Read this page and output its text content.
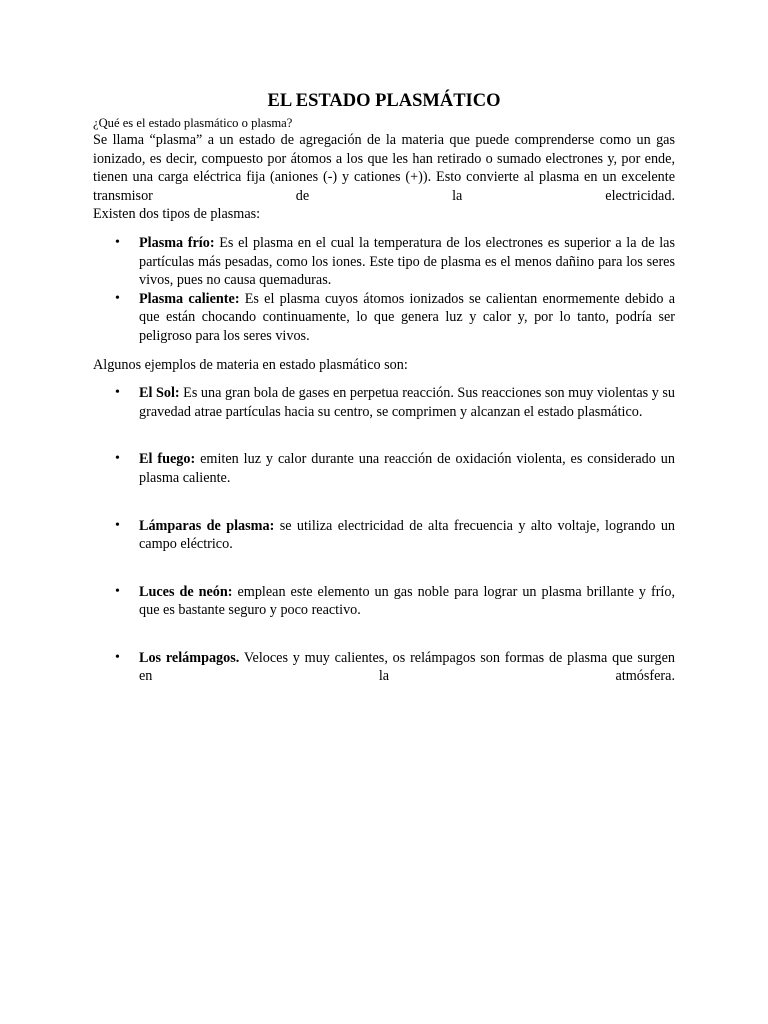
EL ESTADO PLASMÁTICO

¿Qué es el estado plasmático o plasma?

Se llama “plasma” a un estado de agregación de la materia que puede comprenderse como un gas ionizado, es decir, compuesto por átomos a los que les han retirado o sumado electrones y, por ende, tienen una carga eléctrica fija (aniones (-) y cationes (+)). Esto convierte al plasma en un excelente transmisor de la electricidad.

Existen dos tipos de plasmas:

• Plasma frío: Es el plasma en el cual la temperatura de los electrones es superior a la de las partículas más pesadas, como los iones. Este tipo de plasma es el menos dañino para los seres vivos, pues no causa quemaduras.
• Plasma caliente: Es el plasma cuyos átomos ionizados se calientan enormemente debido a que están chocando continuamente, lo que genera luz y calor y, por lo tanto, podría ser peligroso para los seres vivos.

Algunos ejemplos de materia en estado plasmático son:

• El Sol: Es una gran bola de gases en perpetua reacción. Sus reacciones son muy violentas y su gravedad atrae partículas hacia su centro, se comprimen y alcanzan el estado plasmático.
• El fuego: emiten luz y calor durante una reacción de oxidación violenta, es considerado un plasma caliente.
• Lámparas de plasma: se utiliza electricidad de alta frecuencia y alto voltaje, logrando un campo eléctrico.
• Luces de neón: emplean este elemento un gas noble para lograr un plasma brillante y frío, que es bastante seguro y poco reactivo.
• Los relámpagos. Veloces y muy calientes, os relámpagos son formas de plasma que surgen en la atmósfera.
